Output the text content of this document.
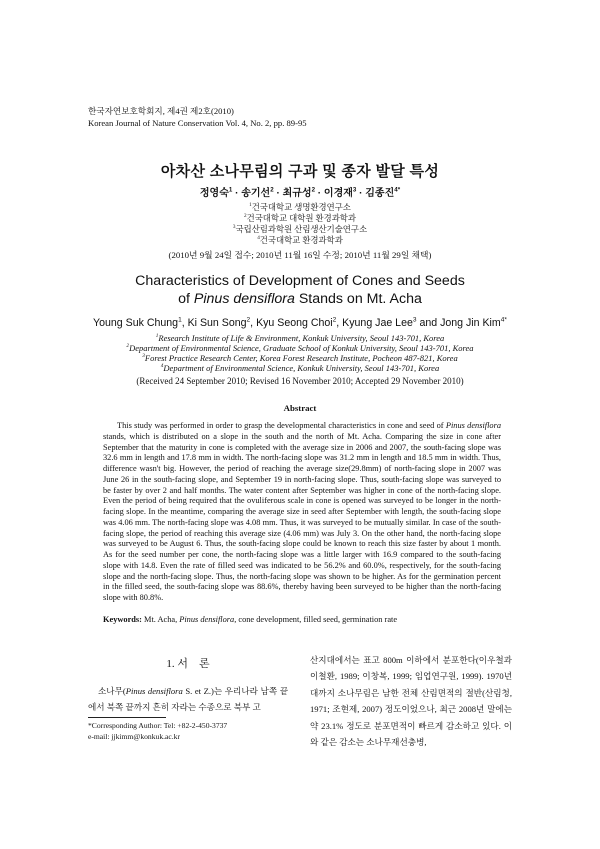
한국자연보호학회지, 제4권 제2호(2010)
Korean Journal of Nature Conservation Vol. 4, No. 2, pp. 89-95
아차산 소나무림의 구과 및 종자 발달 특성
정영숙$^1$ · 송기선$^2$ · 최규성$^2$ · 이경재$^3$ · 김종진$^{4*}$
$^1$건국대학교 생명환경연구소
$^2$건국대학교 대학원 환경과학과
$^3$국립산림과학원 산림생산기술연구소
$^4$건국대학교 환경과학과
(2010년 9월 24일 접수; 2010년 11월 16일 수정; 2010년 11월 29일 채택)
Characteristics of Development of Cones and Seeds
of Pinus densiflora Stands on Mt. Acha
Young Suk Chung$^1$, Ki Sun Song$^2$, Kyu Seong Choi$^2$, Kyung Jae Lee$^3$ and Jong Jin Kim$^{4*}$
$^1$Research Institute of Life & Environment, Konkuk University, Seoul 143-701, Korea
$^2$Department of Environmental Science, Graduate School of Konkuk University, Seoul 143-701, Korea
$^3$Forest Practice Research Center, Korea Forest Research Institute, Pocheon 487-821, Korea
$^4$Department of Environmental Science, Konkuk University, Seoul 143-701, Korea
(Received 24 September 2010; Revised 16 November 2010; Accepted 29 November 2010)
Abstract

This study was performed in order to grasp the developmental characteristics in cone and seed of Pinus densiflora stands, which is distributed on a slope in the south and the north of Mt. Acha. Comparing the size in cone after September that the maturity in cone is completed with the average size in 2006 and 2007, the south-facing slope was 32.6 mm in length and 17.8 mm in width. The north-facing slope was 31.2 mm in length and 18.5 mm in width. Thus, difference wasn't big. However, the period of reaching the average size(29.8mm) of north-facing slope in 2007 was June 26 in the south-facing slope, and September 19 in north-facing slope. Thus, south-facing slope was surveyed to be faster by over 2 and half months. The water content after September was higher in cone of the north-facing slope. Even the period of being required that the ovuliferous scale in cone is opened was surveyed to be longer in the north-facing slope. In the meantime, comparing the average size in seed after September with length, the south-facing slope was 4.06 mm. The north-facing slope was 4.08 mm. Thus, it was surveyed to be mutually similar. In case of the south-facing slope, the period of reaching this average size (4.06 mm) was July 3. On the other hand, the north-facing slope was surveyed to be August 6. Thus, the south-facing slope could be known to reach this size faster by about 1 month. As for the seed number per cone, the north-facing slope was a little larger with 16.9 compared to the south-facing slope with 14.8. Even the rate of filled seed was indicated to be 56.2% and 60.0%, respectively, for the south-facing slope and the north-facing slope. Thus, the north-facing slope was shown to be higher. As for the germination percent in the filled seed, the south-facing slope was 88.6%, thereby having been surveyed to be higher than the north-facing slope with 80.8%.

Keywords: Mt. Acha, Pinus densiflora, cone development, filled seed, germination rate

1. 서　론

소나무(Pinus densiflora S. et Z.)는 우리나라 남쪽 끝에서 북쪽 끝까지 흔히 자라는 수종으로 북부 고

*Corresponding Author: Tel: +82-2-450-3737
e-mail: jjkimm@konkuk.ac.kr

산지대에서는 표고 800m 이하에서 분포한다(이우철과 이철환, 1989; 이창복, 1999; 임업연구원, 1999). 1970년대까지 소나무림은 남한 전체 산림면적의 절반(산림청, 1971; 조현제, 2007) 정도이었으나, 최근 2008년 말에는 약 23.1% 정도로 분포면적이 빠르게 감소하고 있다. 이와 같은 감소는 소나무재선충병,
